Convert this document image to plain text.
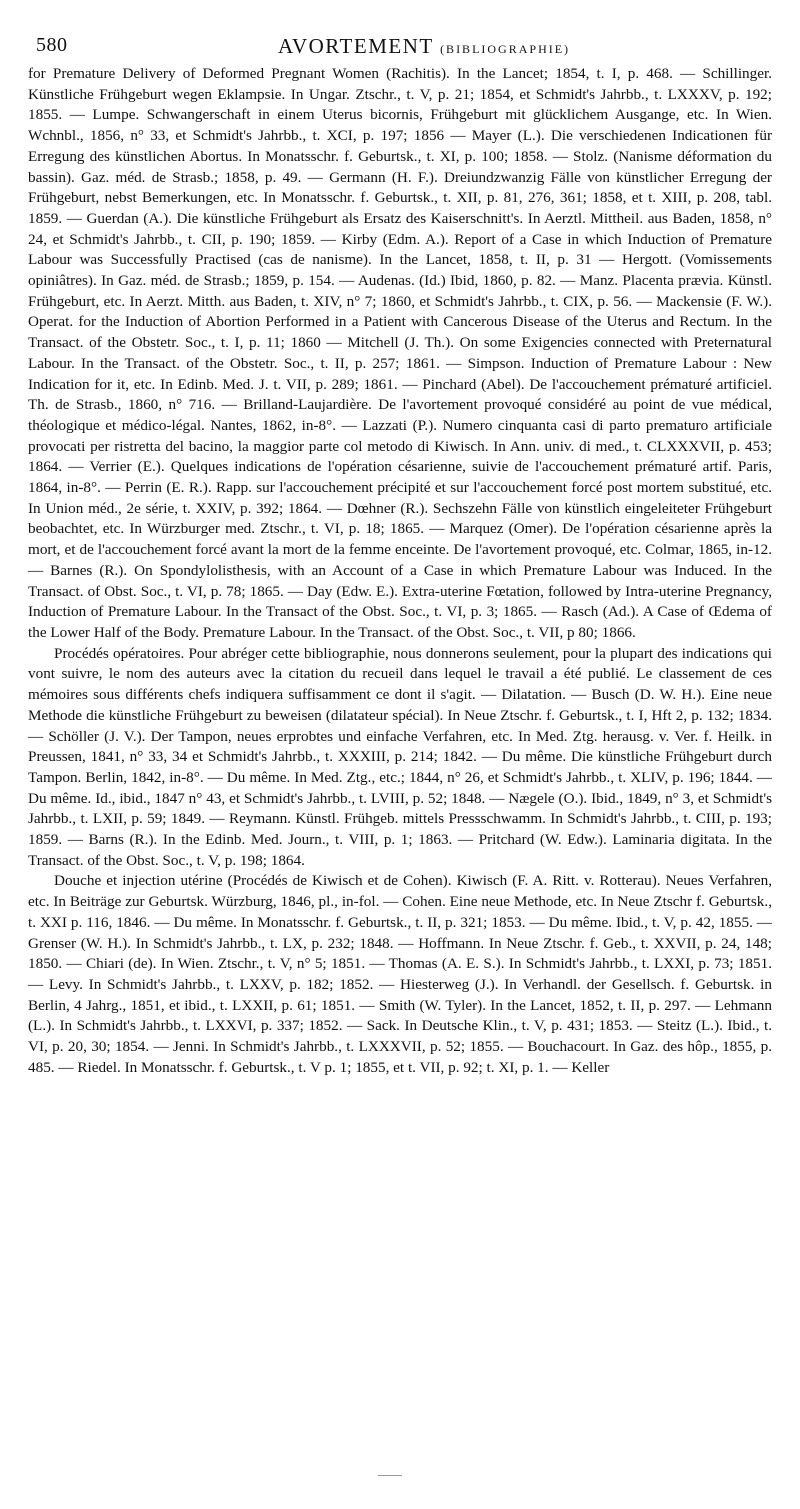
580	AVORTEMENT (BIBLIOGRAPHIE)

for Premature Delivery of Deformed Pregnant Women (Rachitis). In the Lancet; 1854, t. I, p. 468. — Schillinger. Künstliche Frühgeburt wegen Eklampsie. In Ungar. Ztschr., t. V, p. 21; 1854, et Schmidt's Jahrbb., t. LXXXV, p. 192; 1855. — Lumpe. Schwangerschaft in einem Uterus bicornis, Frühgeburt mit glücklichem Ausgange, etc. In Wien. Wchnbl., 1856, n° 33, et Schmidt's Jahrbb., t. XCI, p. 197; 1856 — Mayer (L.). Die verschiedenen Indicationen für Erregung des künstlichen Abortus. In Monatsschr. f. Geburtsk., t. XI, p. 100; 1858. — Stolz. (Nanisme déformation du bassin). Gaz. méd. de Strasb.; 1858, p. 49. — Germann (H. F.). Dreiundzwanzig Fälle von künstlicher Erregung der Frühgeburt, nebst Bemerkungen, etc. In Monatsschr. f. Geburtsk., t. XII, p. 81, 276, 361; 1858, et t. XIII, p. 208, tabl. 1859. — Guerdan (A.). Die künstliche Frühgeburt als Ersatz des Kaiserschnitt's. In Aerztl. Mittheil. aus Baden, 1858, n° 24, et Schmidt's Jahrbb., t. CII, p. 190; 1859. — Kirby (Edm. A.). Report of a Case in which Induction of Premature Labour was Successfully Practised (cas de nanisme). In the Lancet, 1858, t. II, p. 31 — Hergott. (Vomissements opiniâtres). In Gaz. méd. de Strasb.; 1859, p. 154. — Audenas. (Id.) Ibid, 1860, p. 82. — Manz. Placenta prævia. Künstl. Frühgeburt, etc. In Aerzt. Mitth. aus Baden, t. XIV, n° 7; 1860, et Schmidt's Jahrbb., t. CIX, p. 56. — Mackensie (F. W.). Operat. for the Induction of Abortion Performed in a Patient with Cancerous Disease of the Uterus and Rectum. In the Transact. of the Obstetr. Soc., t. I, p. 11; 1860 — Mitchell (J. Th.). On some Exigencies connected with Preternatural Labour. In the Transact. of the Obstetr. Soc., t. II, p. 257; 1861. — Simpson. Induction of Premature Labour : New Indication for it, etc. In Edinb. Med. J. t. VII, p. 289; 1861. — Pinchard (Abel). De l'accouchement prématuré artificiel. Th. de Strasb., 1860, n° 716. — Brilland-Laujardière. De l'avortement provoqué considéré au point de vue médical, théologique et médico-légal. Nantes, 1862, in-8°. — Lazzati (P.). Numero cinquanta casi di parto prematuro artificiale provocati per ristretta del bacino, la maggior parte col metodo di Kiwisch. In Ann. univ. di med., t. CLXXXVII, p. 453; 1864. — Verrier (E.). Quelques indications de l'opération césarienne, suivie de l'accouchement prématuré artif. Paris, 1864, in-8°. — Perrin (E. R.). Rapp. sur l'accouchement précipité et sur l'accouchement forcé post mortem substitué, etc. In Union méd., 2e série, t. XXIV, p. 392; 1864. — Dœhner (R.). Sechszehn Fälle von künstlich eingeleiteter Frühgeburt beobachtet, etc. In Würzburger med. Ztschr., t. VI, p. 18; 1865. — Marquez (Omer). De l'opération césarienne après la mort, et de l'accouchement forcé avant la mort de la femme enceinte. De l'avortement provoqué, etc. Colmar, 1865, in-12. — Barnes (R.). On Spondylolisthesis, with an Account of a Case in which Premature Labour was Induced. In the Transact. of Obst. Soc., t. VI, p. 78; 1865. — Day (Edw. E.). Extra-uterine Fœtation, followed by Intra-uterine Pregnancy, Induction of Premature Labour. In the Transact of the Obst. Soc., t. VI, p. 3; 1865. — Rasch (Ad.). A Case of Œdema of the Lower Half of the Body. Premature Labour. In the Transact. of the Obst. Soc., t. VII, p 80; 1866.

Procédés opératoires. Pour abréger cette bibliographie, nous donnerons seulement, pour la plupart des indications qui vont suivre, le nom des auteurs avec la citation du recueil dans lequel le travail a été publié. Le classement de ces mémoires sous différents chefs indiquera suffisamment ce dont il s'agit. — Dilatation. — Busch (D. W. H.). Eine neue Methode die künstliche Frühgeburt zu beweisen (dilatateur spécial). In Neue Ztschr. f. Geburtsk., t. I, Hft 2, p. 132; 1834. — Schöller (J. V.). Der Tampon, neues erprobtes und einfache Verfahren, etc. In Med. Ztg. herausg. v. Ver. f. Heilk. in Preussen, 1841, n° 33, 34 et Schmidt's Jahrbb., t. XXXIII, p. 214; 1842. — Du même. Die künstliche Frühgeburt durch Tampon. Berlin, 1842, in-8°. — Du même. In Med. Ztg., etc.; 1844, n° 26, et Schmidt's Jahrbb., t. XLIV, p. 196; 1844. — Du même. Id., ibid., 1847 n° 43, et Schmidt's Jahrbb., t. LVIII, p. 52; 1848. — Nægele (O.). Ibid., 1849, n° 3, et Schmidt's Jahrbb., t. LXII, p. 59; 1849. — Reymann. Künstl. Frühgeb. mittels Pressschwamm. In Schmidt's Jahrbb., t. CIII, p. 193; 1859. — Barns (R.). In the Edinb. Med. Journ., t. VIII, p. 1; 1863. — Pritchard (W. Edw.). Laminaria digitata. In the Transact. of the Obst. Soc., t. V, p. 198; 1864.

Douche et injection utérine (Procédés de Kiwisch et de Cohen). Kiwisch (F. A. Ritt. v. Rotterau). Neues Verfahren, etc. In Beiträge zur Geburtsk. Würzburg, 1846, pl., in-fol. — Cohen. Eine neue Methode, etc. In Neue Ztschr f. Geburtsk., t. XXI p. 116, 1846. — Du même. In Monatsschr. f. Geburtsk., t. II, p. 321; 1853. — Du même. Ibid., t. V, p. 42, 1855. — Grenser (W. H.). In Schmidt's Jahrbb., t. LX, p. 232; 1848. — Hoffmann. In Neue Ztschr. f. Geb., t. XXVII, p. 24, 148; 1850. — Chiari (de). In Wien. Ztschr., t. V, n° 5; 1851. — Thomas (A. E. S.). In Schmidt's Jahrbb., t. LXXI, p. 73; 1851. — Levy. In Schmidt's Jahrbb., t. LXXV, p. 182; 1852. — Hiesterweg (J.). In Verhandl. der Gesellsch. f. Geburtsk. in Berlin, 4 Jahrg., 1851, et ibid., t. LXXII, p. 61; 1851. — Smith (W. Tyler). In the Lancet, 1852, t. II, p. 297. — Lehmann (L.). In Schmidt's Jahrbb., t. LXXVI, p. 337; 1852. — Sack. In Deutsche Klin., t. V, p. 431; 1853. — Steitz (L.). Ibid., t. VI, p. 20, 30; 1854. — Jenni. In Schmidt's Jahrbb., t. LXXXVII, p. 52; 1855. — Bouchacourt. In Gaz. des hôp., 1855, p. 485. — Riedel. In Monatsschr. f. Geburtsk., t. V p. 1; 1855, et t. VII, p. 92; t. XI, p. 1. — Keller
